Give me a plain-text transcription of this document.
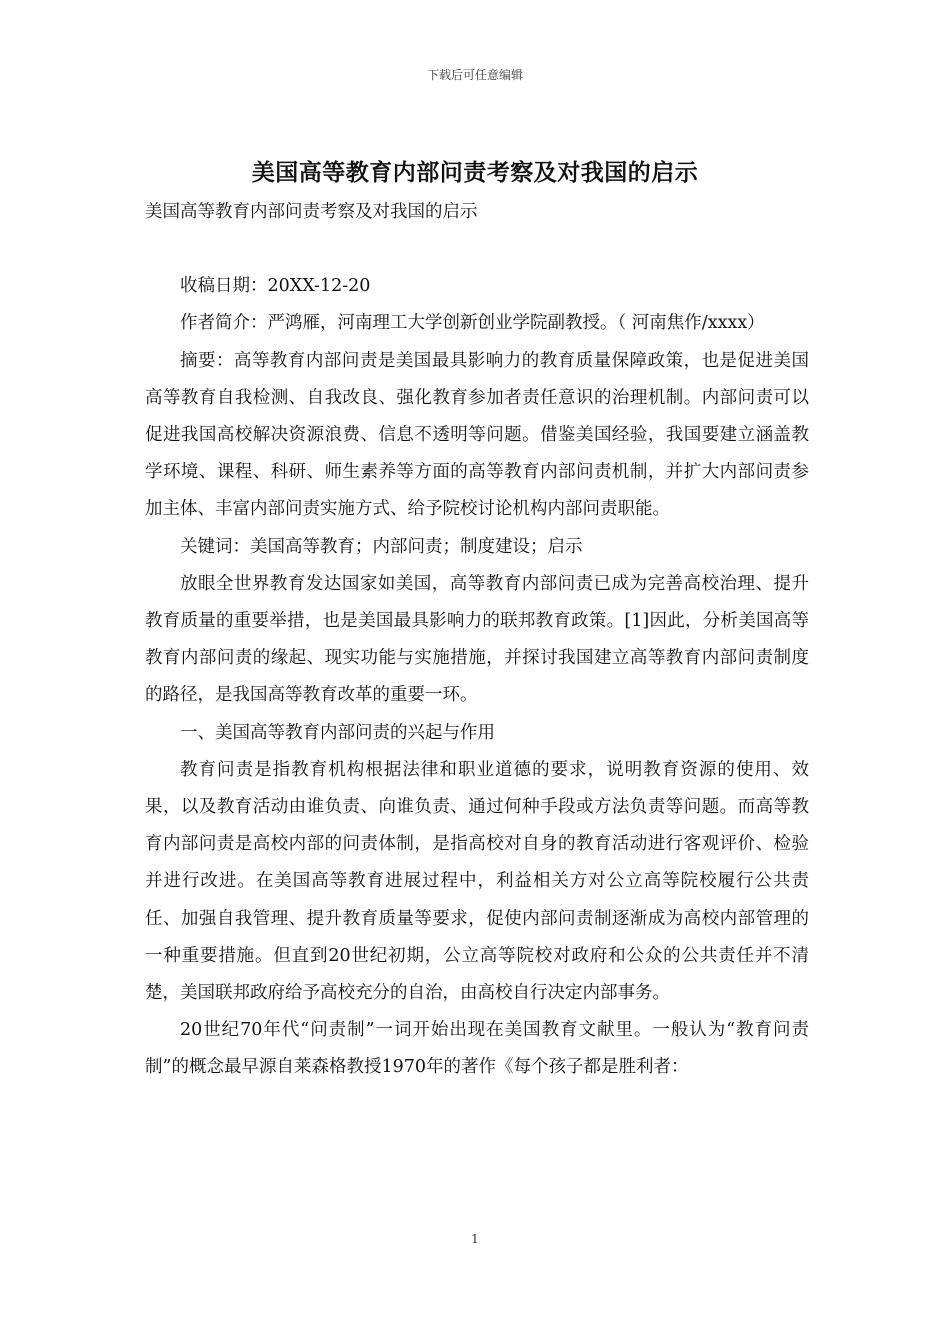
下载后可任意编辑
美国高等教育内部问责考察及对我国的启示

美国高等教育内部问责考察及对我国的启示

收稿日期：20XX-12-20

作者简介：严鸿雁，河南理工大学创新创业学院副教授。（ 河南焦作/xxxx）

摘要：高等教育内部问责是美国最具影响力的教育质量保障政策，也是促进美国高等教育自我检测、自我改良、强化教育参加者责任意识的治理机制。内部问责可以促进我国高校解决资源浪费、信息不透明等问题。借鉴美国经验，我国要建立涵盖教学环境、课程、科研、师生素养等方面的高等教育内部问责机制，并扩大内部问责参加主体、丰富内部问责实施方式、给予院校讨论机构内部问责职能。

关键词：美国高等教育；内部问责；制度建设；启示

放眼全世界教育发达国家如美国，高等教育内部问责已成为完善高校治理、提升教育质量的重要举措，也是美国最具影响力的联邦教育政策。[1]因此，分析美国高等教育内部问责的缘起、现实功能与实施措施，并探讨我国建立高等教育内部问责制度的路径，是我国高等教育改革的重要一环。

一、美国高等教育内部问责的兴起与作用

教育问责是指教育机构根据法律和职业道德的要求，说明教育资源的使用、效果，以及教育活动由谁负责、向谁负责、通过何种手段或方法负责等问题。而高等教育内部问责是高校内部的问责体制，是指高校对自身的教育活动进行客观评价、检验并进行改进。在美国高等教育进展过程中，利益相关方对公立高等院校履行公共责任、加强自我管理、提升教育质量等要求，促使内部问责制逐渐成为高校内部管理的一种重要措施。但直到20世纪初期，公立高等院校对政府和公众的公共责任并不清楚，美国联邦政府给予高校充分的自治，由高校自行决定内部事务。

20世纪70年代“问责制”一词开始出现在美国教育文献里。一般认为“教育问责制”的概念最早源自莱森格教授1970年的著作《每个孩子都是胜利者：

1
